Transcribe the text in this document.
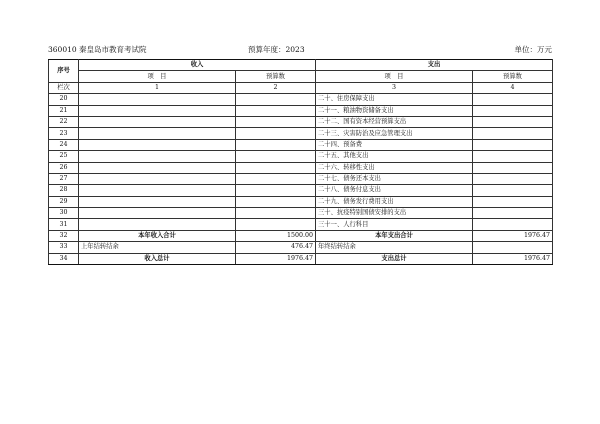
360010 秦皇岛市教育考试院	预算年度：2023	单位：万元
序号	收入		支出	
	项　目	预算数	项　目	预算数
栏次	1	2	3	4
20			二十、住房保障支出	
21			二十一、粮油物资储备支出	
22			二十二、国有资本经营预算支出	
23			二十三、灾害防治及应急管理支出	
24			二十四、预备费	
25			二十五、其他支出	
26			二十六、转移性支出	
27			二十七、债务还本支出	
28			二十八、债务付息支出	
29			二十九、债务发行费用支出	
30			三十、抗疫特别国债安排的支出	
31			三十一、人行科目	
32	本年收入合计	1500.00	本年支出合计	1976.47
33	上年结转结余	476.47	年终结转结余	
34	收入总计	1976.47	支出总计	1976.47
